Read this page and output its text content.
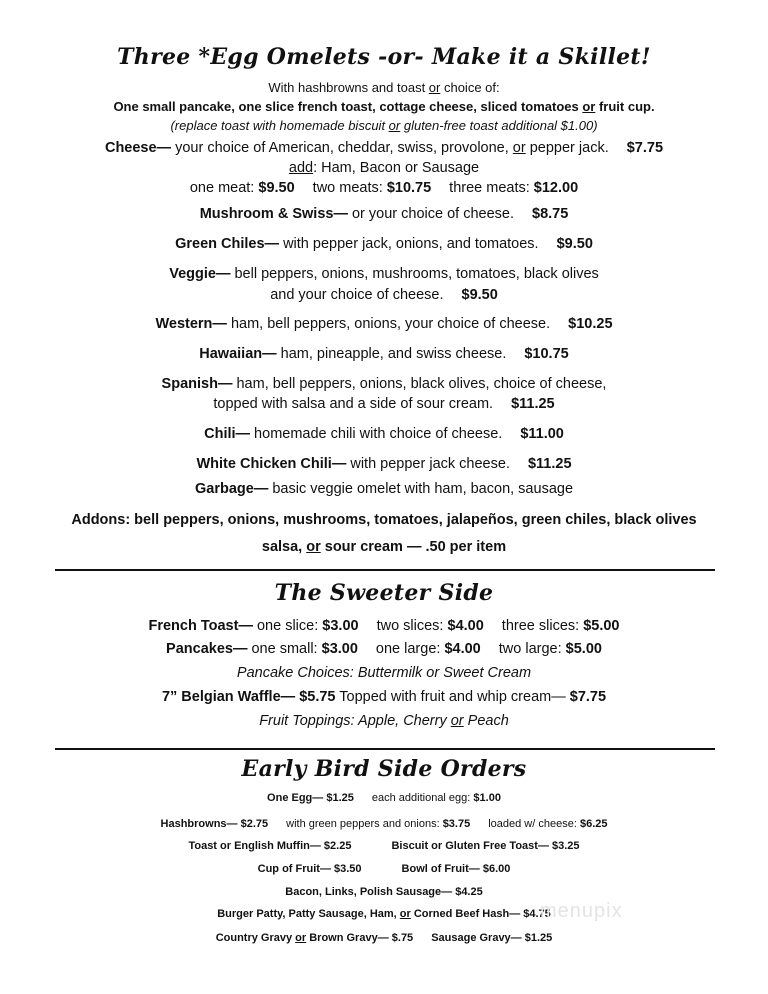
Three *Egg Omelets -or- Make it a Skillet!
With hashbrowns and toast or choice of:
One small pancake, one slice french toast, cottage cheese, sliced tomatoes or fruit cup.
(replace toast with homemade biscuit or gluten-free toast additional $1.00)
Cheese— your choice of American, cheddar, swiss, provolone, or pepper jack. $7.75
add: Ham, Bacon or Sausage
one meat: $9.50 two meats: $10.75 three meats: $12.00
Mushroom & Swiss— or your choice of cheese. $8.75
Green Chiles— with pepper jack, onions, and tomatoes. $9.50
Veggie— bell peppers, onions, mushrooms, tomatoes, black olives
and your choice of cheese. $9.50
Western— ham, bell peppers, onions, your choice of cheese. $10.25
Hawaiian— ham, pineapple, and swiss cheese. $10.75
Spanish— ham, bell peppers, onions, black olives, choice of cheese,
topped with salsa and a side of sour cream. $11.25
Chili— homemade chili with choice of cheese. $11.00
White Chicken Chili— with pepper jack cheese. $11.25
Garbage— basic veggie omelet with ham, bacon, sausage
Addons: bell peppers, onions, mushrooms, tomatoes, jalapeños, green chiles, black olives
salsa, or sour cream — .50 per item
The Sweeter Side
French Toast— one slice: $3.00 two slices: $4.00 three slices: $5.00
Pancakes— one small: $3.00 one large: $4.00 two large: $5.00
Pancake Choices: Buttermilk or Sweet Cream
7” Belgian Waffle— $5.75 Topped with fruit and whip cream— $7.75
Fruit Toppings: Apple, Cherry or Peach
Early Bird Side Orders
One Egg— $1.25 each additional egg: $1.00
Hashbrowns— $2.75 with green peppers and onions: $3.75 loaded w/ cheese: $6.25
Toast or English Muffin— $2.25	Biscuit or Gluten Free Toast— $3.25
Cup of Fruit— $3.50	Bowl of Fruit— $6.00
Bacon, Links, Polish Sausage— $4.25
Burger Patty, Patty Sausage, Ham, or Corned Beef Hash— $4.75
Country Gravy or Brown Gravy— $.75 Sausage Gravy— $1.25
menupix
